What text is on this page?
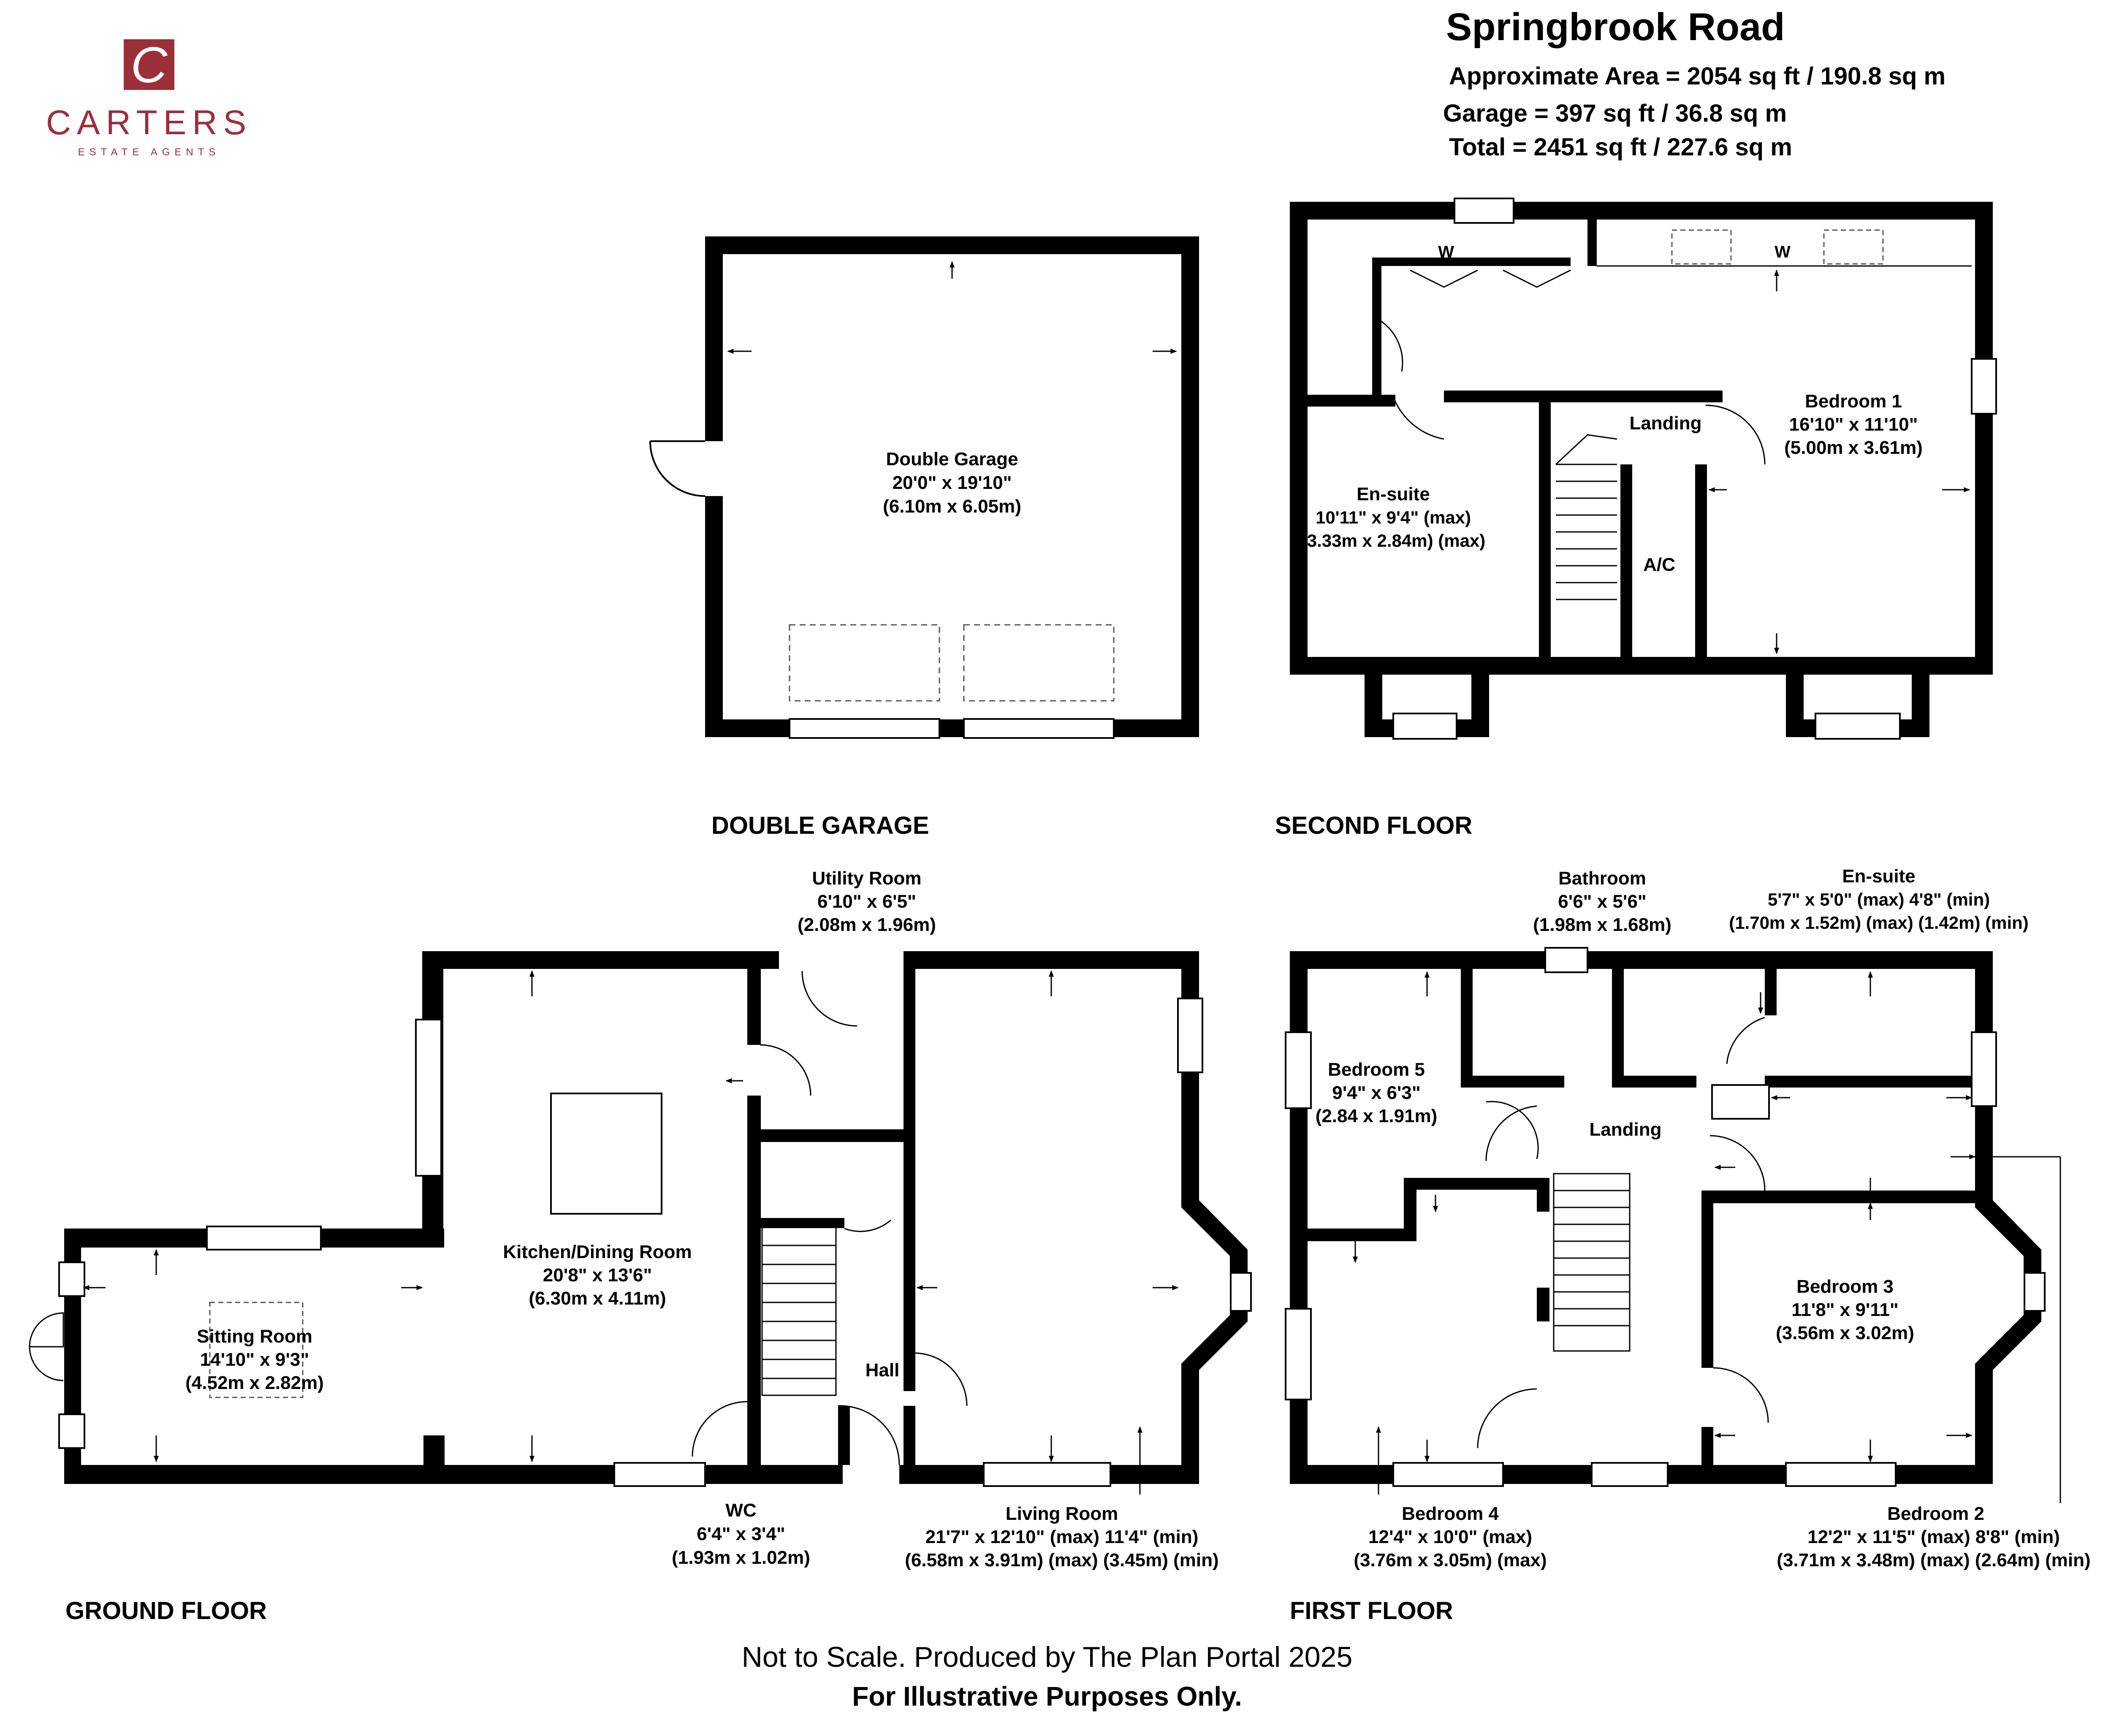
C
CARTERS
ESTATE AGENTS
Springbrook Road
Approximate Area = 2054 sq ft / 190.8 sq m
Garage = 397 sq ft / 36.8 sq m
Total = 2451 sq ft / 227.6 sq m
Double Garage
20'0" x 19'10"
(6.10m x 6.05m)
DOUBLE GARAGE
W	W
Bedroom 1
16'10" x 11'10"
(5.00m x 3.61m)
En-suite
10'11" x 9'4" (max)
(3.33m x 2.84m) (max)
Landing
A/C
SECOND FLOOR
Utility Room
6'10" x 6'5"
(2.08m x 1.96m)
Kitchen/Dining Room
20'8" x 13'6"
(6.30m x 4.11m)
Sitting Room
14'10" x 9'3"
(4.52m x 2.82m)
Hall
WC
6'4" x 3'4"
(1.93m x 1.02m)
Living Room
21'7" x 12'10" (max) 11'4" (min)
(6.58m x 3.91m) (max) (3.45m) (min)
GROUND FLOOR
Bathroom
6'6" x 5'6"
(1.98m x 1.68m)
En-suite
5'7" x 5'0" (max) 4'8" (min)
(1.70m x 1.52m) (max) (1.42m) (min)
Bedroom 5
9'4" x 6'3"
(2.84 x 1.91m)
Landing
Bedroom 3
11'8" x 9'11"
(3.56m x 3.02m)
Bedroom 4
12'4" x 10'0" (max)
(3.76m x 3.05m) (max)
Bedroom 2
12'2" x 11'5" (max) 8'8" (min)
(3.71m x 3.48m) (max) (2.64m) (min)
FIRST FLOOR
Not to Scale. Produced by The Plan Portal 2025
For Illustrative Purposes Only.
